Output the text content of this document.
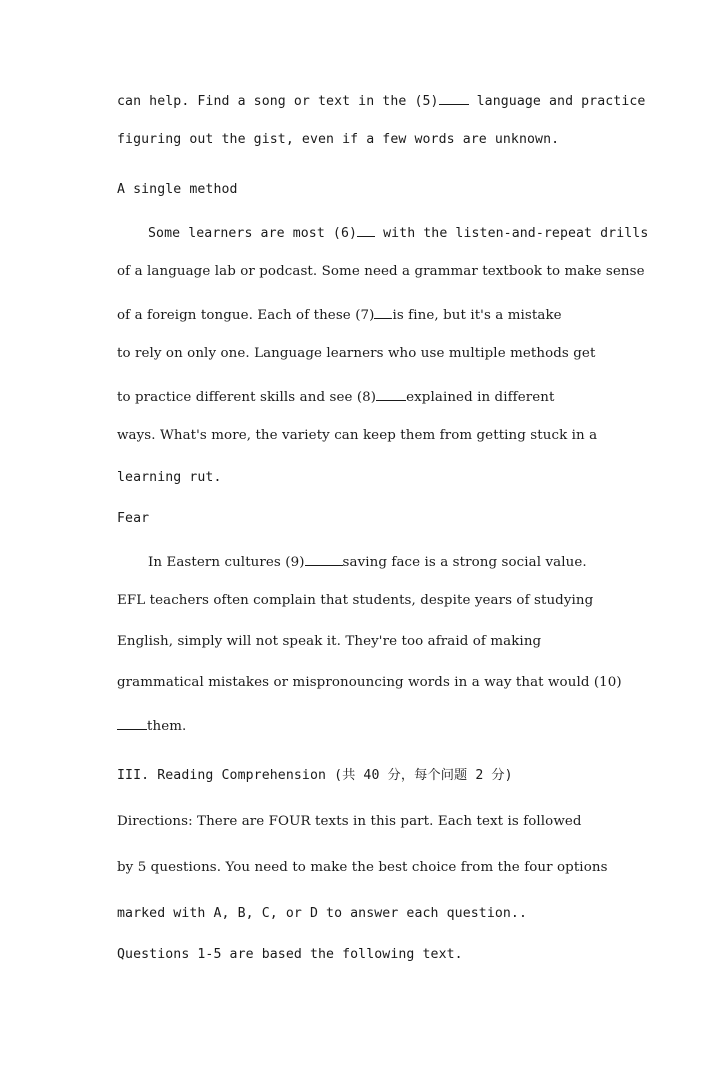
can help. Find a song or text in the (5) language and practice
figuring out the gist, even if a few words are unknown.
A single method
Some learners are most (6) with the listen-and-repeat drills
of a language lab or podcast. Some need a grammar textbook to make sense
of a foreign tongue. Each of these (7) is fine, but it's a mistake
to rely on only one. Language learners who use multiple methods get
to practice different skills and see (8) explained in different
ways. What's more, the variety can keep them from getting stuck in a
learning rut.
Fear
In Eastern cultures (9)	saving face is a strong social value.
EFL teachers often complain that students, despite years of studying
English, simply will not speak it. They're too afraid of making
grammatical mistakes or mispronouncing words in a way that would (10)
them.
III. Reading Comprehension (共 40 分，每个问题 2 分)
Directions: There are FOUR texts in this part. Each text is followed
by 5 questions. You need to make the best choice from the four options
marked with A, B, C, or D to answer each question..
Questions 1-5 are based the following text.
